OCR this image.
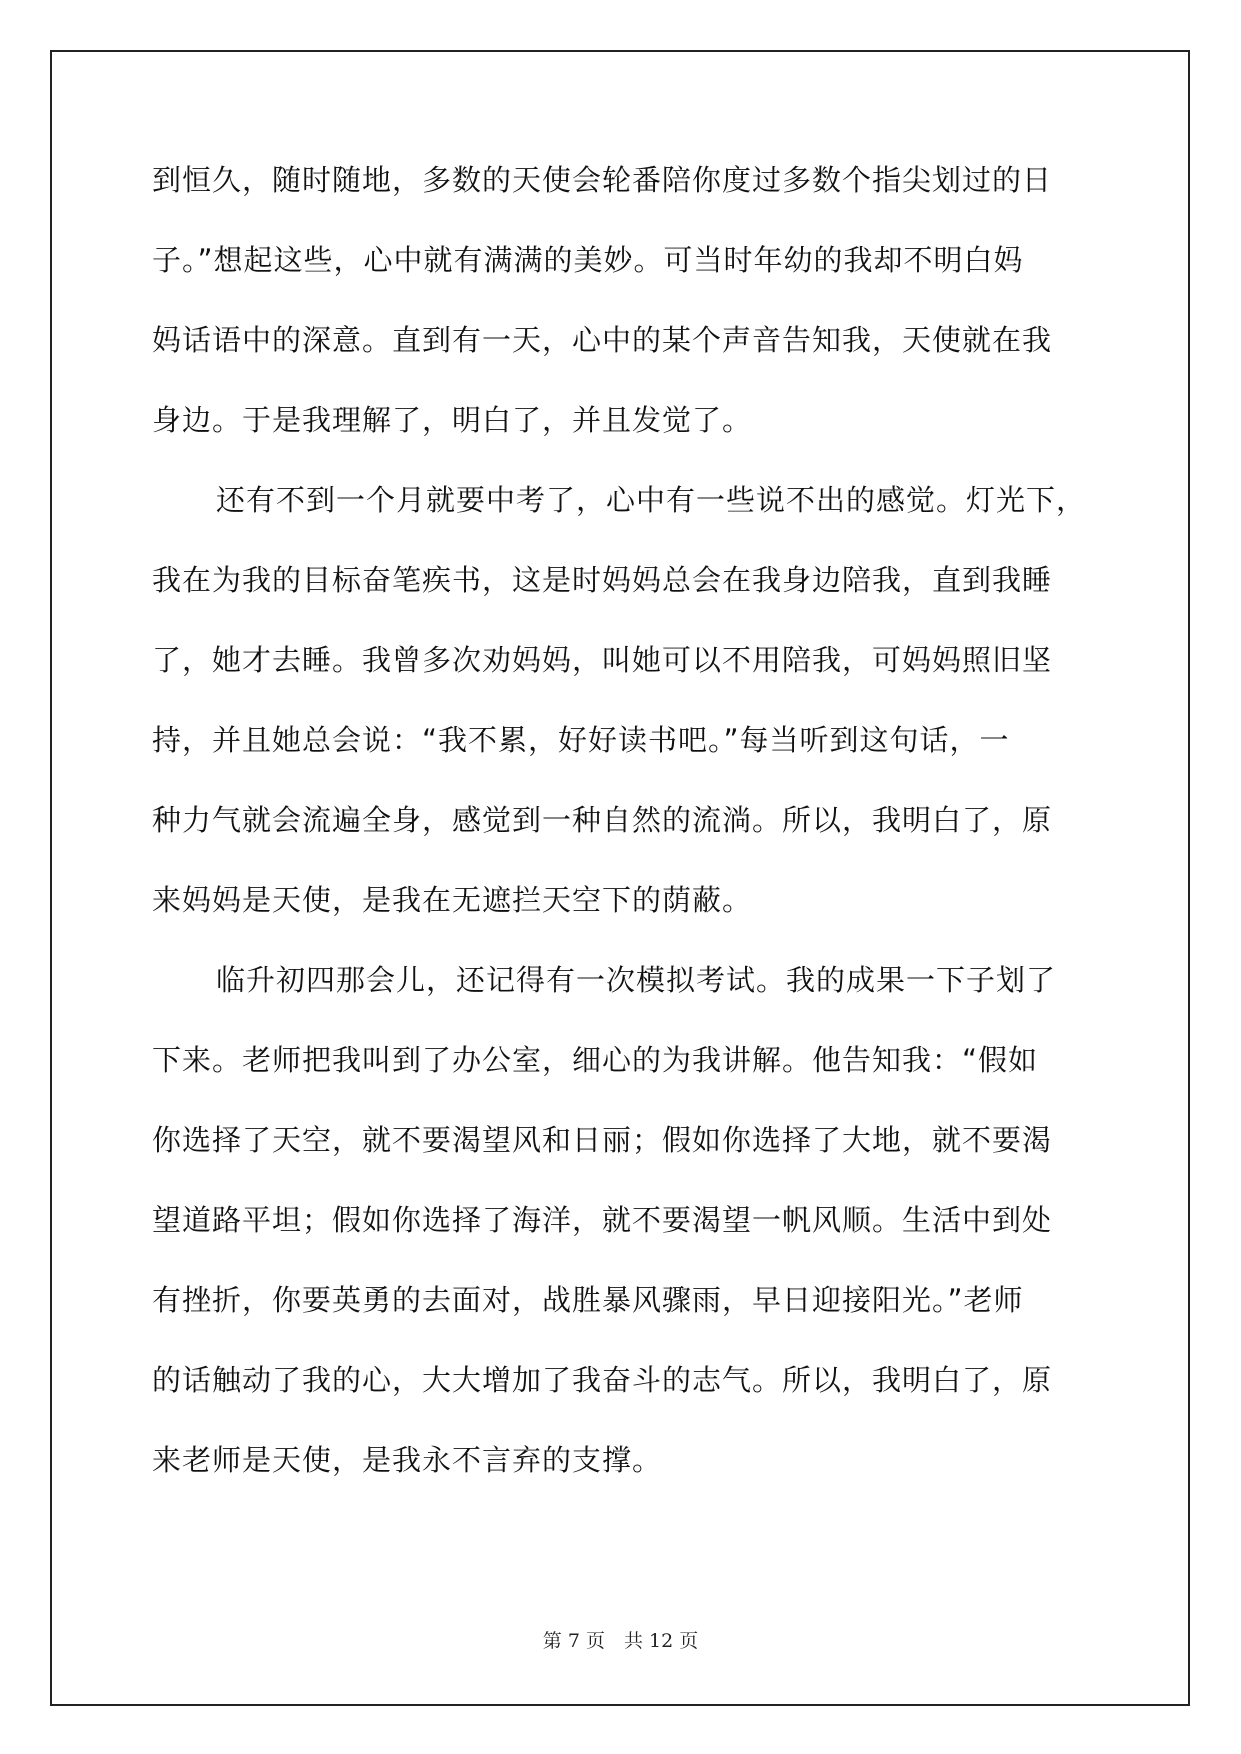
到恒久，随时随地，多数的天使会轮番陪你度过多数个指尖划过的日
子。”想起这些，心中就有满满的美妙。可当时年幼的我却不明白妈
妈话语中的深意。直到有一天，心中的某个声音告知我，天使就在我
身边。于是我理解了，明白了，并且发觉了。
还有不到一个月就要中考了，心中有一些说不出的感觉。灯光下，
我在为我的目标奋笔疾书，这是时妈妈总会在我身边陪我，直到我睡
了，她才去睡。我曾多次劝妈妈，叫她可以不用陪我，可妈妈照旧坚
持，并且她总会说：“我不累，好好读书吧。”每当听到这句话，一
种力气就会流遍全身，感觉到一种自然的流淌。所以，我明白了，原
来妈妈是天使，是我在无遮拦天空下的荫蔽。
临升初四那会儿，还记得有一次模拟考试。我的成果一下子划了
下来。老师把我叫到了办公室，细心的为我讲解。他告知我：“假如
你选择了天空，就不要渴望风和日丽；假如你选择了大地，就不要渴
望道路平坦；假如你选择了海洋，就不要渴望一帆风顺。生活中到处
有挫折，你要英勇的去面对，战胜暴风骤雨，早日迎接阳光。”老师
的话触动了我的心，大大增加了我奋斗的志气。所以，我明白了，原
来老师是天使，是我永不言弃的支撑。
第 7 页　共 12 页
